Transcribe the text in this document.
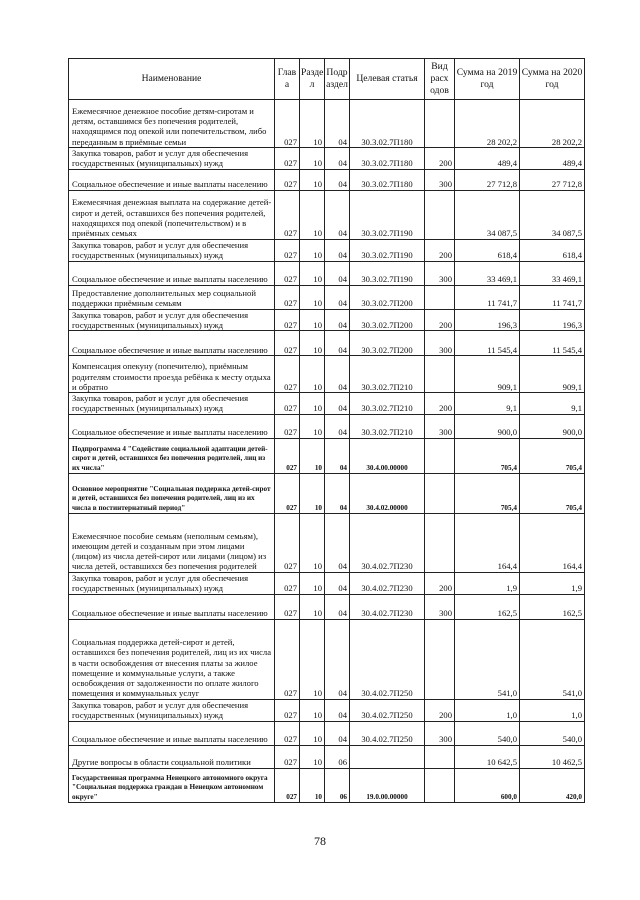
Наименование	Глав а	Разде л	Подр аздел	Целевая статья	Вид расх одов	Сумма на 2019 год	Сумма на 2020 год
Ежемесячное денежное пособие детям-сиротам и детям, оставшимся без попечения родителей, находящимся под опекой или попечительством, либо переданным в приёмные семьи	027	10	04	30.3.02.7П180		28 202,2	28 202,2
Закупка товаров, работ и услуг для обеспечения государственных (муниципальных) нужд	027	10	04	30.3.02.7П180	200	489,4	489,4
Социальное обеспечение и иные выплаты населению	027	10	04	30.3.02.7П180	300	27 712,8	27 712,8
Ежемесячная денежная выплата на содержание детей-сирот и детей, оставшихся без попечения родителей, находящихся под опекой (попечительством) и в приёмных семьях	027	10	04	30.3.02.7П190		34 087,5	34 087,5
Закупка товаров, работ и услуг для обеспечения государственных (муниципальных) нужд	027	10	04	30.3.02.7П190	200	618,4	618,4
Социальное обеспечение и иные выплаты населению	027	10	04	30.3.02.7П190	300	33 469,1	33 469,1
Предоставление дополнительных мер социальной поддержки приёмным семьям	027	10	04	30.3.02.7П200		11 741,7	11 741,7
Закупка товаров, работ и услуг для обеспечения государственных (муниципальных) нужд	027	10	04	30.3.02.7П200	200	196,3	196,3
Социальное обеспечение и иные выплаты населению	027	10	04	30.3.02.7П200	300	11 545,4	11 545,4
Компенсация опекуну (попечителю), приёмным родителям стоимости проезда ребёнка к месту отдыха и обратно	027	10	04	30.3.02.7П210		909,1	909,1
Закупка товаров, работ и услуг для обеспечения государственных (муниципальных) нужд	027	10	04	30.3.02.7П210	200	9,1	9,1
Социальное обеспечение и иные выплаты населению	027	10	04	30.3.02.7П210	300	900,0	900,0
Подпрограмма 4 "Содействие социальной адаптации детей-сирот и детей, оставшихся без попечения родителей, лиц из их числа"	027	10	04	30.4.00.00000		705,4	705,4
Основное мероприятие "Социальная поддержка детей-сирот и детей, оставшихся без попечения родителей, лиц из их числа в постинтернатный период"	027	10	04	30.4.02.00000		705,4	705,4
Ежемесячное пособие семьям (неполным семьям), имеющим детей и созданным при этом лицами (лицом) из числа детей-сирот или лицами (лицом) из числа детей, оставшихся без попечения родителей	027	10	04	30.4.02.7П230		164,4	164,4
Закупка товаров, работ и услуг для обеспечения государственных (муниципальных) нужд	027	10	04	30.4.02.7П230	200	1,9	1,9
Социальное обеспечение и иные выплаты населению	027	10	04	30.4.02.7П230	300	162,5	162,5
Социальная поддержка детей-сирот и детей, оставшихся без попечения родителей, лиц из их числа в части освобождения от внесения платы за жилое помещение и коммунальные услуги, а также освобождения от задолженности по оплате жилого помещения и коммунальных услуг	027	10	04	30.4.02.7П250		541,0	541,0
Закупка товаров, работ и услуг для обеспечения государственных (муниципальных) нужд	027	10	04	30.4.02.7П250	200	1,0	1,0
Социальное обеспечение и иные выплаты населению	027	10	04	30.4.02.7П250	300	540,0	540,0
Другие вопросы в области социальной политики	027	10	06			10 642,5	10 462,5
Государственная программа Ненецкого автономного округа "Социальная поддержка граждан в Ненецком автономном округе"	027	10	06	19.0.00.00000		600,0	420,0
78
